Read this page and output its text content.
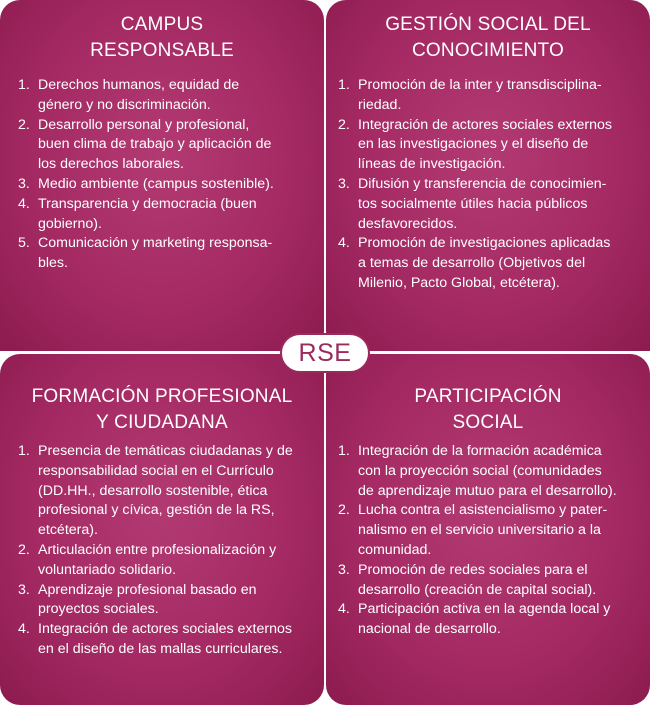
CAMPUS
RESPONSABLE
1. Derechos humanos, equidad de
género y no discriminación.
2. Desarrollo personal y profesional,
buen clima de trabajo y aplicación de
los derechos laborales.
3. Medio ambiente (campus sostenible).
4. Transparencia y democracia (buen
gobierno).
5. Comunicación y marketing responsa-
bles.
GESTIÓN SOCIAL DEL
CONOCIMIENTO
1. Promoción de la inter y transdisciplina-
riedad.
2. Integración de actores sociales externos
en las investigaciones y el diseño de
líneas de investigación.
3. Difusión y transferencia de conocimien-
tos socialmente útiles hacia públicos
desfavorecidos.
4. Promoción de investigaciones aplicadas
a temas de desarrollo (Objetivos del
Milenio, Pacto Global, etcétera).
FORMACIÓN PROFESIONAL
Y CIUDADANA
1. Presencia de temáticas ciudadanas y de
responsabilidad social en el Currículo
(DD.HH., desarrollo sostenible, ética
profesional y cívica, gestión de la RS,
etcétera).
2. Articulación entre profesionalización y
voluntariado solidario.
3. Aprendizaje profesional basado en
proyectos sociales.
4. Integración de actores sociales externos
en el diseño de las mallas curriculares.
PARTICIPACIÓN
SOCIAL
1. Integración de la formación académica
con la proyección social (comunidades
de aprendizaje mutuo para el desarrollo).
2. Lucha contra el asistencialismo y pater-
nalismo en el servicio universitario a la
comunidad.
3. Promoción de redes sociales para el
desarrollo (creación de capital social).
4. Participación activa en la agenda local y
nacional de desarrollo.
RSE
